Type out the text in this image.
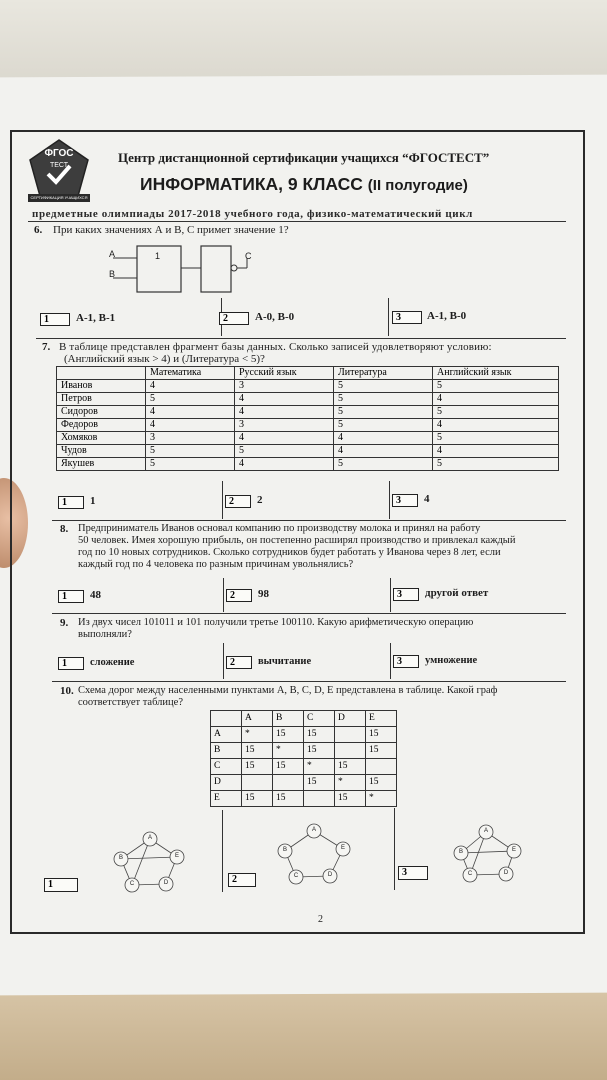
ФГОС
ТЕСТ
СЕРТИФИКАЦИЯ УЧАЩИХСЯ
Центр дистанционной сертификации учащихся “ФГОСТЕСТ”
ИНФОРМАТИКА, 9 КЛАСС (II полугодие)
предметные олимпиады 2017-2018 учебного года, физико-математический цикл
6. При каких значениях А и В, С примет значение 1?
A
B
1	C
1	А-1, В-1	2	А-0, В-0	3	А-1, В-0
7. В таблице представлен фрагмент базы данных. Сколько записей удовлетворяют условию:
(Английский язык > 4) и (Литература < 5)?
	Математика	Русский язык	Литература	Английский язык
Иванов	4	3	5	5
Петров	5	4	5	4
Сидоров	4	4	5	5
Федоров	4	3	5	4
Хомяков	3	4	4	5
Чудов	5	5	4	4
Якушев	5	4	5	5
1	1	2	2	3	4
8. Предприниматель Иванов основал компанию по производству молока и принял на работу
50 человек. Имея хорошую прибыль, он постепенно расширял производство и привлекал каждый
год по 10 новых сотрудников. Сколько сотрудников будет работать у Иванова через 8 лет, если
каждый год по 4 человека по разным причинам увольнялись?
1	48	2	98	3	другой ответ
9. Из двух чисел 101011 и 101 получили третье 100110. Какую арифметическую операцию
выполняли?
1	сложение	2	вычитание	3	умножение
10. Схема дорог между населенными пунктами A, B, C, D, E представлена в таблице. Какой граф
соответствует таблице?
	A	B	C	D	E
A	*	15	15		15
B	15	*	15		15
C	15	15	*	15	
D			15	*	15
E	15	15		15	*
A
B
C	D
E
A
B
C	D
E
A
B
C	D
E
1	2
3
2
